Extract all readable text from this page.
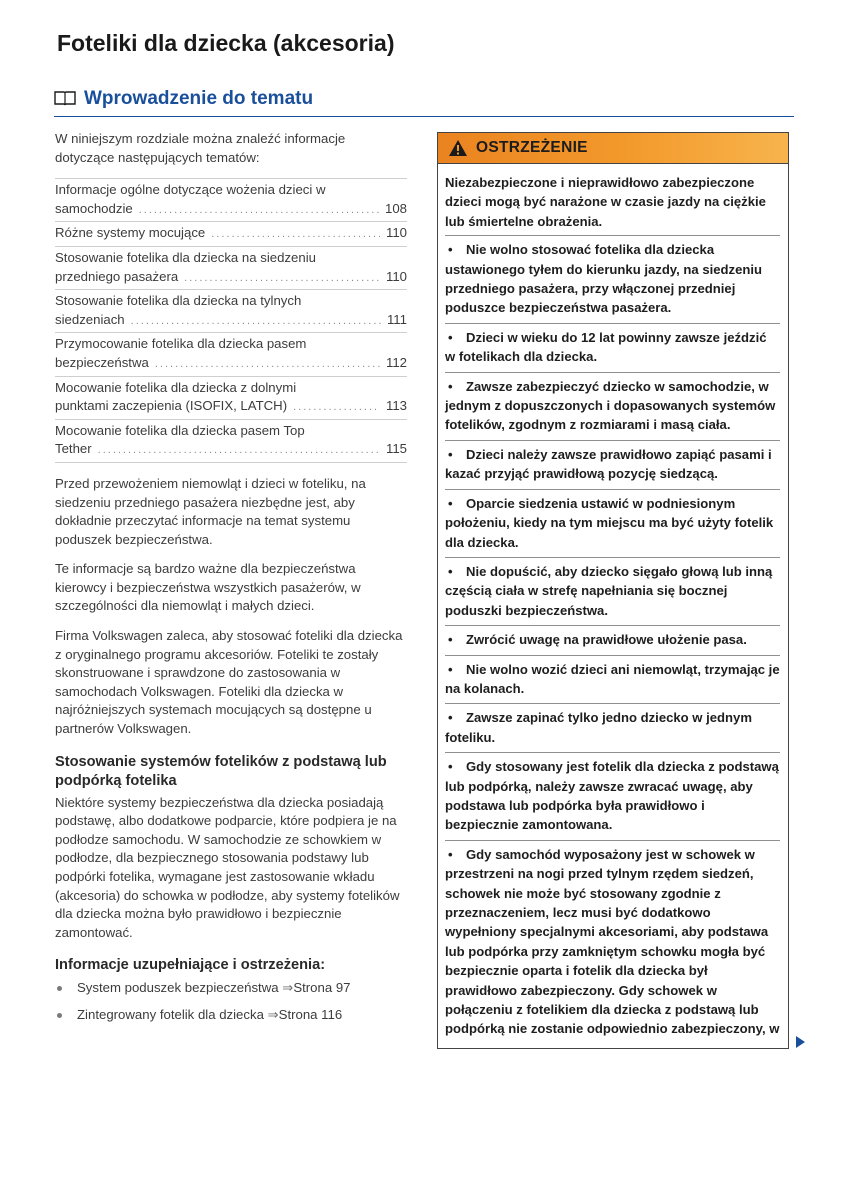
Foteliki dla dziecka (akcesoria)
Wprowadzenie do tematu

W niniejszym rozdziale można znaleźć informacje dotyczące następujących tematów:

Informacje ogólne dotyczące wożenia dzieci w
samochodzie .....	108
Różne systemy mocujące .....	110
Stosowanie fotelika dla dziecka na siedzeniu
przedniego pasażera .....	110
Stosowanie fotelika dla dziecka na tylnych
siedzeniach .....	111
Przymocowanie fotelika dla dziecka pasem
bezpieczeństwa .....	112
Mocowanie fotelika dla dziecka z dolnymi
punktami zaczepienia (ISOFIX, LATCH) .....	113
Mocowanie fotelika dla dziecka pasem Top
Tether .....	115

Przed przewożeniem niemowląt i dzieci w foteliku, na siedzeniu przedniego pasażera niezbędne jest, aby dokładnie przeczytać informacje na temat systemu poduszek bezpieczeństwa.

Te informacje są bardzo ważne dla bezpieczeństwa kierowcy i bezpieczeństwa wszystkich pasażerów, w szczególności dla niemowląt i małych dzieci.

Firma Volkswagen zaleca, aby stosować foteliki dla dziecka z oryginalnego programu akcesoriów. Foteliki te zostały skonstruowane i sprawdzone do zastosowania w samochodach Volkswagen. Foteliki dla dziecka w najróżniejszych systemach mocujących są dostępne u partnerów Volkswagen.

Stosowanie systemów fotelików z podstawą lub podpórką fotelika

Niektóre systemy bezpieczeństwa dla dziecka posiadają podstawę, albo dodatkowe podparcie, które podpiera je na podłodze samochodu. W samochodzie ze schowkiem w podłodze, dla bezpiecznego stosowania podstawy lub podpórki fotelika, wymagane jest zastosowanie wkładu (akcesoria) do schowka w podłodze, aby systemy fotelików dla dziecka można było prawidłowo i bezpiecznie zamontować.

Informacje uzupełniające i ostrzeżenia:
System poduszek bezpieczeństwa ⇒Strona 97
Zintegrowany fotelik dla dziecka ⇒Strona 116
OSTRZEŻENIE

Niezabezpieczone i nieprawidłowo zabezpieczone dzieci mogą być narażone w czasie jazdy na ciężkie lub śmiertelne obrażenia.

• Nie wolno stosować fotelika dla dziecka ustawionego tyłem do kierunku jazdy, na siedzeniu przedniego pasażera, przy włączonej przedniej poduszce bezpieczeństwa pasażera.
• Dzieci w wieku do 12 lat powinny zawsze jeździć w fotelikach dla dziecka.
• Zawsze zabezpieczyć dziecko w samochodzie, w jednym z dopuszczonych i dopasowanych systemów fotelików, zgodnym z rozmiarami i masą ciała.
• Dzieci należy zawsze prawidłowo zapiąć pasami i kazać przyjąć prawidłową pozycję siedzącą.
• Oparcie siedzenia ustawić w podniesionym położeniu, kiedy na tym miejscu ma być użyty fotelik dla dziecka.
• Nie dopuścić, aby dziecko sięgało głową lub inną częścią ciała w strefę napełniania się bocznej poduszki bezpieczeństwa.
• Zwrócić uwagę na prawidłowe ułożenie pasa.
• Nie wolno wozić dzieci ani niemowląt, trzymając je na kolanach.
• Zawsze zapinać tylko jedno dziecko w jednym foteliku.
• Gdy stosowany jest fotelik dla dziecka z podstawą lub podpórką, należy zawsze zwracać uwagę, aby podstawa lub podpórka była prawidłowo i bezpiecznie zamontowana.
• Gdy samochód wyposażony jest w schowek w przestrzeni na nogi przed tylnym rzędem siedzeń, schowek nie może być stosowany zgodnie z przeznaczeniem, lecz musi być dodatkowo wypełniony specjalnymi akcesoriami, aby podstawa lub podpórka przy zamkniętym schowku mogła być bezpiecznie oparta i fotelik dla dziecka był prawidłowo zabezpieczony. Gdy schowek w połączeniu z fotelikiem dla dziecka z podstawą lub podpórką nie zostanie odpowiednio zabezpieczony, w
